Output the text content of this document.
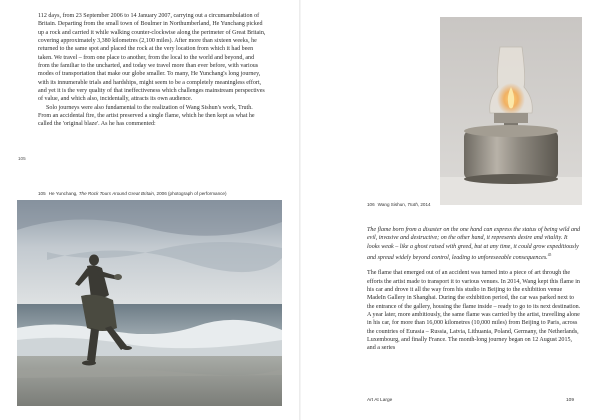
112 days, from 23 September 2006 to 14 January 2007, carrying out a circumambulation of Britain. Departing from the small town of Boulmer in Northumberland, He Yunchang picked up a rock and carried it while walking counter-clockwise along the perimeter of Great Britain, covering approximately 3,380 kilometres (2,100 miles). After more than sixteen weeks, he returned to the same spot and placed the rock at the very location from which it had been taken. We travel – from one place to another, from the local to the world and beyond, and from the familiar to the uncharted, and today we travel more than ever before, with various modes of transportation that make our globe smaller. To many, He Yunchang's long journey, with its innumerable trials and hardships, might seem to be a completely meaningless effort, and yet it is the very quality of that ineffectiveness which challenges mainstream perspectives of value, and which also, incidentally, attracts its own audience.

Solo journeys were also fundamental to the realization of Wang Sishun's work, Truth. From an accidental fire, the artist preserved a single flame, which he then kept as what he called the 'original blaze'. As he has commented:

105
105 He Yunchang, The Rock Tours Around Great Britain, 2006 (photograph of performance)
106 Wang Sishun, Truth, 2014

The flame born from a disaster on the one hand can express the status of being wild and evil, invasive and destructive; on the other hand, it represents desire and vitality. It looks weak – like a ghost raised with greed, but at any time, it could grow expeditiously and spread widely beyond control, leading to unforeseeable consequences.$^{45}$

The flame that emerged out of an accident was turned into a piece of art through the efforts the artist made to transport it to various venues. In 2014, Wang kept this flame in his car and drove it all the way from his studio in Beijing to the exhibition venue MadeIn Gallery in Shanghai. During the exhibition period, the car was parked next to the entrance of the gallery, housing the flame inside – ready to go to its next destination. A year later, more ambitiously, the same flame was carried by the artist, travelling alone in his car, for more than 16,000 kilometres (10,000 miles) from Beijing to Paris, across the countries of Eurasia – Russia, Latvia, Lithuania, Poland, Germany, the Netherlands, Luxembourg, and finally France. The month-long journey began on 12 August 2015, and a series

Art At Large	109
